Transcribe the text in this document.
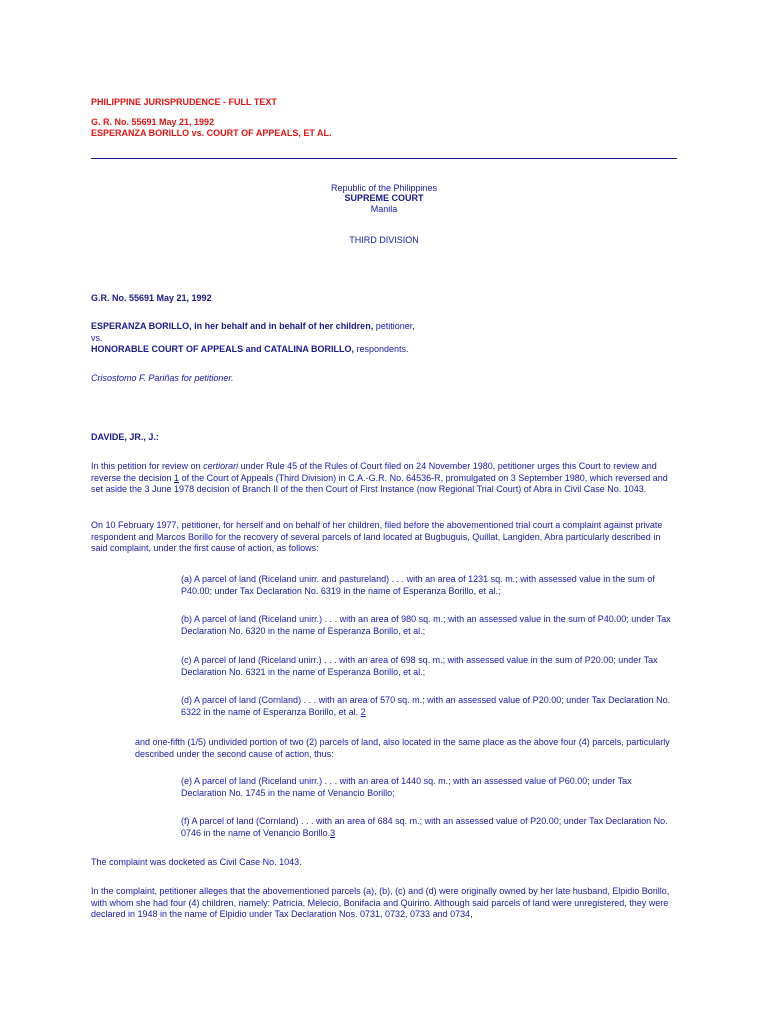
PHILIPPINE JURISPRUDENCE - FULL TEXT
G. R. No. 55691 May 21, 1992
ESPERANZA BORILLO vs. COURT OF APPEALS, ET AL.
Republic of the Philippines
SUPREME COURT
Manila
THIRD DIVISION
G.R. No. 55691 May 21, 1992
ESPERANZA BORILLO, in her behalf and in behalf of her children, petitioner,
vs.
HONORABLE COURT OF APPEALS and CATALINA BORILLO, respondents.
Crisostomo F. Pariñas for petitioner.
DAVIDE, JR., J.:
In this petition for review on certiorari under Rule 45 of the Rules of Court filed on 24 November 1980, petitioner urges this Court to review and reverse the decision 1 of the Court of Appeals (Third Division) in C.A.-G.R. No. 64536-R, promulgated on 3 September 1980, which reversed and set aside the 3 June 1978 decision of Branch II of the then Court of First Instance (now Regional Trial Court) of Abra in Civil Case No. 1043.
On 10 February 1977, petitioner, for herself and on behalf of her children, filed before the abovementioned trial court a complaint against private respondent and Marcos Borillo for the recovery of several parcels of land located at Bugbuguis, Quillat, Langiden, Abra particularly described in said complaint, under the first cause of action, as follows:
(a) A parcel of land (Riceland unirr. and pastureland) . . . with an area of 1231 sq. m.; with assessed value in the sum of P40.00; under Tax Declaration No. 6319 in the name of Esperanza Borillo, et al.;
(b) A parcel of land (Riceland unirr.) . . . with an area of 980 sq. m.; with an assessed value in the sum of P40.00; under Tax Declaration No. 6320 in the name of Esperanza Borillo, et al.;
(c) A parcel of land (Riceland unirr.) . . . with an area of 698 sq. m.; with assessed value in the sum of P20.00; under Tax Declaration No. 6321 in the name of Esperanza Borillo, et al.;
(d) A parcel of land (Cornland) . . . with an area of 570 sq. m.; with an assessed value of P20.00; under Tax Declaration No. 6322 in the name of Esperanza Borillo, et al. 2
and one-fifth (1/5) undivided portion of two (2) parcels of land, also located in the same place as the above four (4) parcels, particularly described under the second cause of action, thus:
(e) A parcel of land (Riceland unirr.) . . . with an area of 1440 sq. m.; with an assessed value of P60.00; under Tax Declaration No. 1745 in the name of Venancio Borillo;
(f) A parcel of land (Cornland) . . . with an area of 684 sq. m.; with an assessed value of P20.00; under Tax Declaration No. 0746 in the name of Venancio Borillo.3
The complaint was docketed as Civil Case No. 1043.
In the complaint, petitioner alleges that the abovementioned parcels (a), (b), (c) and (d) were originally owned by her late husband, Elpidio Borillo, with whom she had four (4) children, namely: Patricia, Melecio, Bonifacia and Quirino. Although said parcels of land were unregistered, they were declared in 1948 in the name of Elpidio under Tax Declaration Nos. 0731, 0732, 0733 and 0734,
